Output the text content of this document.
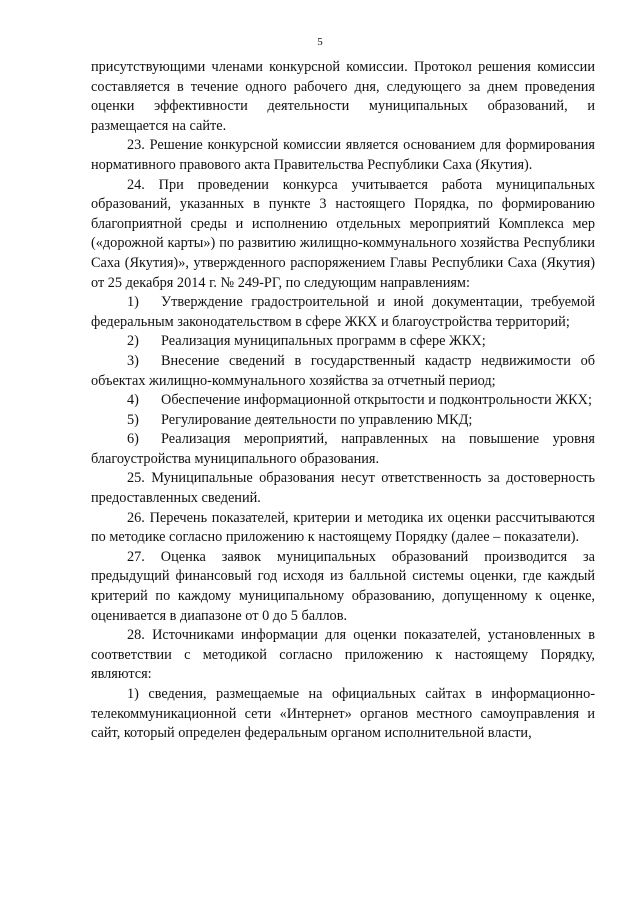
5

присутствующими членами конкурсной комиссии. Протокол решения комиссии составляется в течение одного рабочего дня, следующего за днем проведения оценки эффективности деятельности муниципальных образований, и размещается на сайте.

23. Решение конкурсной комиссии является основанием для формирования нормативного правового акта Правительства Республики Саха (Якутия).

24. При проведении конкурса учитывается работа муниципальных образований, указанных в пункте 3 настоящего Порядка, по формированию благоприятной среды и исполнению отдельных мероприятий Комплекса мер («дорожной карты») по развитию жилищно-коммунального хозяйства Республики Саха (Якутия)», утвержденного распоряжением Главы Республики Саха (Якутия) от 25 декабря 2014 г. № 249-РГ, по следующим направлениям:

1) Утверждение градостроительной и иной документации, требуемой федеральным законодательством в сфере ЖКХ и благоустройства территорий;

2) Реализация муниципальных программ в сфере ЖКХ;

3) Внесение сведений в государственный кадастр недвижимости об объектах жилищно-коммунального хозяйства за отчетный период;

4) Обеспечение информационной открытости и подконтрольности ЖКХ;

5) Регулирование деятельности по управлению МКД;

6) Реализация мероприятий, направленных на повышение уровня благоустройства муниципального образования.

25. Муниципальные образования несут ответственность за достоверность предоставленных сведений.

26. Перечень показателей, критерии и методика их оценки рассчитываются по методике согласно приложению к настоящему Порядку (далее – показатели).

27. Оценка заявок муниципальных образований производится за предыдущий финансовый год исходя из балльной системы оценки, где каждый критерий по каждому муниципальному образованию, допущенному к оценке, оценивается в диапазоне от 0 до 5 баллов.

28. Источниками информации для оценки показателей, установленных в соответствии с методикой согласно приложению к настоящему Порядку, являются:

1) сведения, размещаемые на официальных сайтах в информационно-телекоммуникационной сети «Интернет» органов местного самоуправления и сайт, который определен федеральным органом исполнительной власти,
